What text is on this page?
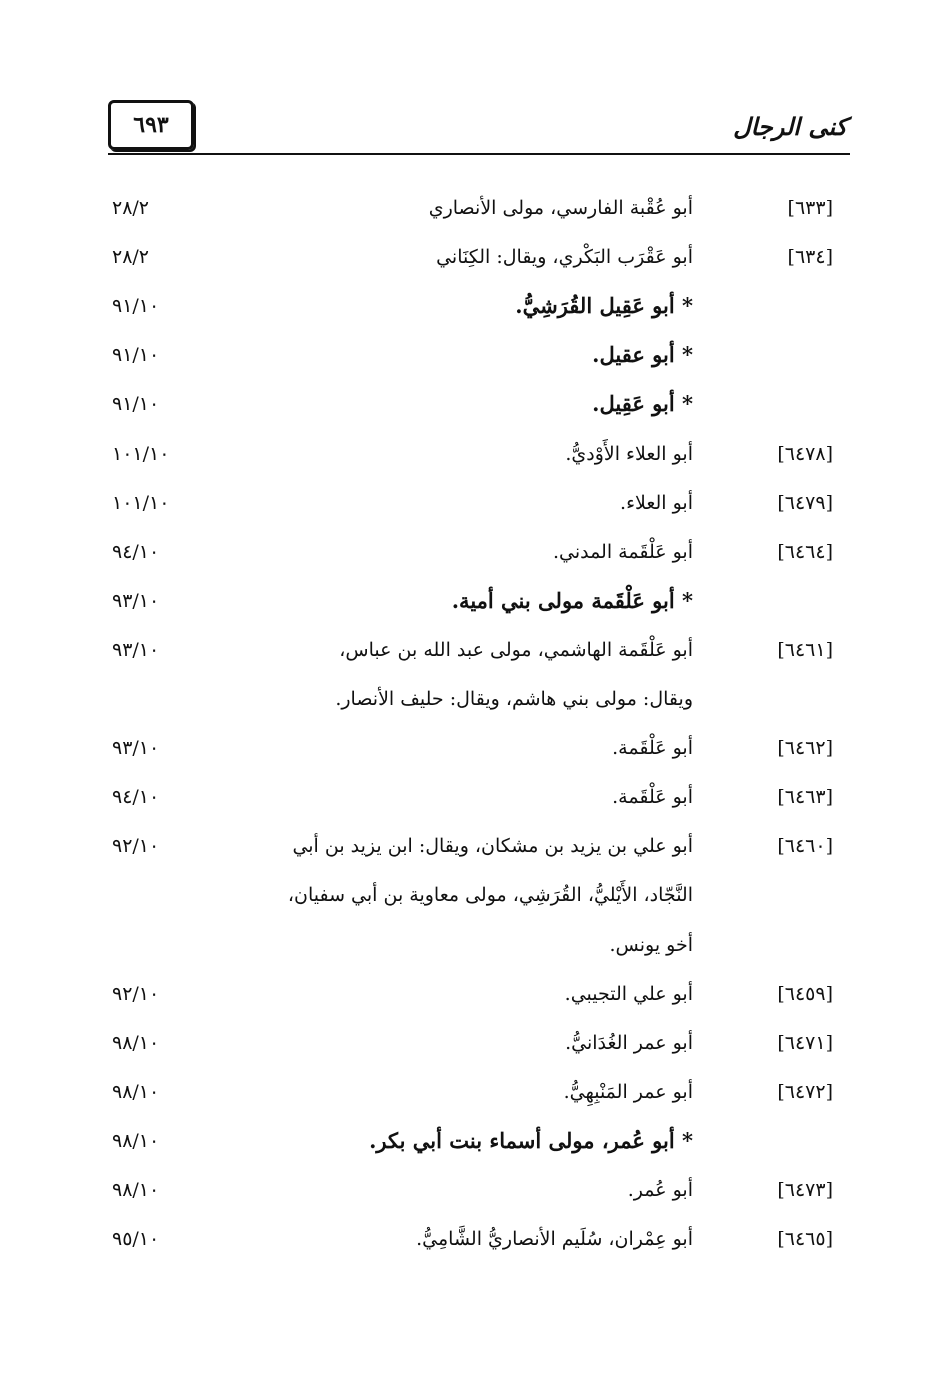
كنى الرجال
٦٩٣
[٦٣٣]
أبو عُقْبة الفارسي، مولى الأنصاري
٢٨/٢
[٦٣٤]
أبو عَقْرَب البَكْري، ويقال: الكِنَاني
٢٨/٢
* أبو عَقِيل القُرَشِيُّ.
٩١/١٠
* أبو عقيل.
٩١/١٠
* أبو عَقِيل.
٩١/١٠
[٦٤٧٨]
أبو العلاء الأَوْديُّ.
١٠١/١٠
[٦٤٧٩]
أبو العلاء.
١٠١/١٠
[٦٤٦٤]
أبو عَلْقَمة المدني.
٩٤/١٠
* أبو عَلْقَمة مولى بني أمية.
٩٣/١٠
[٦٤٦١]
أبو عَلْقَمة الهاشمي، مولى عبد الله بن عباس،
٩٣/١٠
ويقال: مولى بني هاشم، ويقال: حليف الأنصار.
[٦٤٦٢]
أبو عَلْقَمة.
٩٣/١٠
[٦٤٦٣]
أبو عَلْقَمة.
٩٤/١٠
[٦٤٦٠]
أبو علي بن يزيد بن مشكان، ويقال: ابن يزيد بن أبي
٩٢/١٠
النَّجّاد، الأَيْليُّ، القُرَشِي، مولى معاوية بن أبي سفيان،
أخو يونس.
[٦٤٥٩]
أبو علي التجيبي.
٩٢/١٠
[٦٤٧١]
أبو عمر الغُدَانيُّ.
٩٨/١٠
[٦٤٧٢]
أبو عمر المَنْبِهِيُّ.
٩٨/١٠
* أبو عُمر، مولى أسماء بنت أبي بكر.
٩٨/١٠
[٦٤٧٣]
أبو عُمر.
٩٨/١٠
[٦٤٦٥]
أبو عِمْران، سُلَيم الأنصاريُّ الشَّامِيُّ.
٩٥/١٠
